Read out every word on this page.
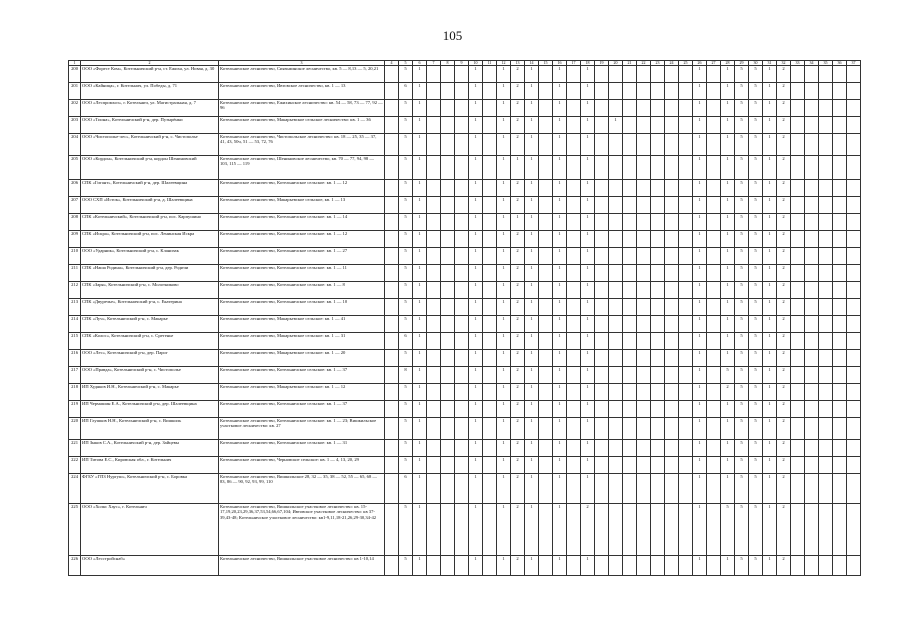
105
1	2	3	4	5	6	7	8	9	10	11	12	13	14	15	16	17	18	19	20	21	22	23	24	25	26	27	28	29	30	31	32	33	34	35	36	37
200	ООО «Форест Ком», Котельничский р-н, ст. Ежиха, ул. Новая, д. 30	Котельничское лесничество, Сиязьминское лесничество, кв. 5 — 8,13 — 5, 20,21		5	1				1		1	2	1		1		1								1		1	5	5	1	2					
201	ООО «Кайница», г. Котельнич, ул. Победы, д. 71	Котельничское лесничество, Ивтовское лесничество, кв. 1 — 13		6	1				1		1	2	1		1		1								1		1	5	5	1	2					
202	ООО «Леспромхоз», г. Котельнич, ул. Магистральная, д. 7	Котельничское лесничество, Ежихинское лесничество: кв. 54 — 58, 73 — 77, 92 — 96		5	1				1		1	2	1		1		1								1		1	5	5	1	2					
203	ООО «Тиона», Котельничский р-н, дер. Пузырёнки	Котельничское лесничество, Макарьевское сельское лесничество: кв. 1 — 36		5	1				1		1	2	1		1		1		1						1		1	5	5	1	2					
204	ООО «Чистополье-лес», Котельничский р-н, с. Чистополье	Котельничское лесничество, Чистопольское лесничество: кв. 18 — 25, 35 — 37, 41, 43, 50ч, 51 — 53, 72, 76		5	1				1		1	2	1		1		1								1		1	5	5	1	2					
205	ООО «Кордон», Котельничский р-н, кордон Шениновский	Котельничское лесничество, Шениновское лесничество, кв. 70 — 77, 94, 98 — 103, 115 — 119		5	1				1		1	1	1		1		1								1		1	5	5	1	2					
206	СПК «Гигант», Котельничский р-н, дер. Шалеевщина	Котельничское лесничество, Котельничское сельское: кв. 1 — 12		5	1				1		1	2	1		1		1								1		1	5	5	1	2					
207	ООО СХП «Исток», Котельничский р-н, д. Шалеевщина	Котельничское лесничество, Макарьевское сельское, кв. 1 — 13		5	1				1		1	2	1		1		1								1		1	5	5	1	2					
208	СПК «Котельничский», Котельничский р-н, пос. Карпушино	Котельничское лесничество, Котельничское сельское: кв. 1 — 14		5	1				1		1	1	1		1		1								1		1	5	5	1	2					
209	СПК «Искра», Котельничский р-н, пос. Ленинская Искра	Котельничское лесничество, Котельничское сельское: кв. 1 — 12		5	1				1		1	2	1		1		1								1		1	5	5	1	2					
210	ООО «Ударник», Котельничский р-н, с. Кланизак	Котельничское лесничество, Котельничское сельское: кв. 1 — 27		5	1				1		1	2	1		1		1								1		1	5	5	1	2					
211	СПК «Наша Родина», Котельничский р-н, дер. Родичи	Котельничское лесничество, Котельничское сельское: кв. 1 — 11		5	1				1		1	2	1		1		1								1		1	5	5	1	2					
212	СПК «Заря», Котельничский р-н, с. Молотниково	Котельничское лесничество, Котельничское сельское: кв. 1 — 8		5	1				1		1	2	1		1		1								1		1	5	5	1	2					
213	СПК «Двуречье», Котельничский р-н, с. Екатерина	Котельничское лесничество, Котельничское сельское: кв. 1 — 10		5	1				1		1	2	1		1		1								1		1	5	5	1	2					
214	СПК «Луч», Котельничский р-н, с. Макарье	Котельничское лесничество, Макарьевское сельское: кв. 1 — 41		5	1				1		1	2	1		1		1								1		1	5	5	1	2					
215	СПК «Колос», Котельничский р-н, с. Сретенье	Котельничское лесничество, Макарьевское сельское: кв. 1 — 31		6	1				1		1	2	1		1		1								1		1	5	5	1	2					
216	ООО «Лес», Котельничский р-н, дер. Парог	Котельничское лесничество, Макарьевское сельское: кв. 1 — 20		5	1				1		1	2	1		1		1								1		1	5	5	1	2					
217	ООО «Правда», Котельничский р-н, с. Чистополье	Котельничское лесничество, Котельничское сельское: кв. 1 — 37		8	1				1		1	2	1		1		1								1		5	5	5	1	2					
218	ИП Худяков И.Н., Котельничский р-н, с. Макарье	Котельничское лесничество, Макарьевское сельское: кв. 1 — 12		5	1				1		1	2	1		1		1								1		2	5	5	1	2					
219	ИП Чермашин Е.А., Котельничский р-н, дер. Шалеевщина	Котельничское лесничество, Котельничское сельское: кв. 1 — 37		5	1				1		1	2	1		1		1								1		1	5	5	1	2					
220	ИП Глушков Н.Н., Котельничский р-н, с. Вишкиль	Котельничское лесничество, Котельничское сельское: кв. 1 — 23; Вишкильское участковое лесничество: кв. 27		5	1				1		1	2	1		1		1								1		1	5	5	1	2					
221	ИП Зыков С.А., Котельничский р-н, дер. Зайцевы	Котельничское лесничество, Котельничское сельское: кв. 1 — 31		5	1				1		1	2	1		1		1								1		1	5	5	1	2					
222	ИП Титова Е.С., Кировская обл., г. Котельнич	Котельничское лесничество, Черновское сельское: кв. 1 — 4, 13, 20, 29		5	1				1		1	2	1		1		1								1		1	5	5	1	2					
224	ФГБУ «ГПЗ Нургуш», Котельничский р-н, с. Боровка	Котельничское лесничество, Вишкильское 28, 32 — 35, 38 — 52, 55 — 65, 68 — 83, 86 — 90, 92, 93, 99, 110		6	1				1		1	2	1		1		1								1		1	5	5	1	2					
225	ООО «Холкс Хаус», г. Котельнич	Котельничское лесничество, Вишкильское участковое лесничество: кв. 15-17,19,20,23,29,36,37,53,54,66,67,104; Ивтовское участковое лесничество: кв 37-39,43-48; Котельничское участковое лесничество: кв1-9,11,18-21,26,29-30,34-42		5	1				1		1	2	1		1		2								1		5	5	5	1	2					
226	ООО «Лесстройснаб»	Котельничское лесничество, Вишкильское участковое лесничество: кв 1-10,14		5	1				1		1	2	1		1		1								1		1	5	5	1	2					
